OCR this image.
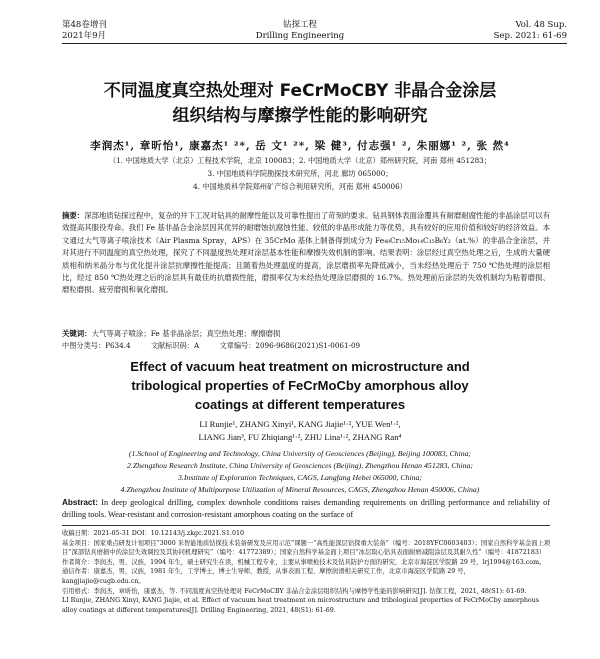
第48卷增刊
2021年9月
钻探工程
Drilling Engineering
Vol. 48 Sup.
Sep. 2021: 61-69
不同温度真空热处理对 FeCrMoCBY 非晶合金涂层
组织结构与摩擦学性能的影响研究
李润杰¹, 章昕怡¹, 康嘉杰¹ ²*, 岳 文¹ ²*, 梁 健³, 付志强¹ ², 朱丽娜¹ ², 张 然⁴
（1. 中国地质大学（北京）工程技术学院，北京 100083；2. 中国地质大学（北京）郑州研究院，河南 郑州 451283；
3. 中国地质科学院勘探技术研究所，河北 廊坊 065000；
4. 中国地质科学院郑州矿产综合利用研究所，河南 郑州 450006）
摘要：深部地质钻探过程中，复杂的井下工况对钻具的耐摩性能以及可靠性提出了苛刻的要求。钻具钢体表面涂覆具有耐磨耐腐性能的非晶涂层可以有效提高其服役寿命。我们 Fe 基非晶合金涂层因其优异的耐磨蚀抗腐蚀性能、较低的非晶形成能力等优势，具有较好的应用价值和较好的经济效益。本文通过大气等离子喷涂技术（Air Plasma Spray，APS）在 35CrMo 基体上制备得到成分为 Fe₄₈Cr₁₅Mo₁₄C₁₅B₆Y₂（at.%）的非晶合金涂层，并对其进行不同温度的真空热处理，探究了不同温度热处理对涂层基本性能和摩擦失效机制的影响。结果表明：涂层经过真空热处理之后，生成的大量硬质相和纳米晶分布与优化提升涂层抗摩擦性能提高；且随着热处理温度的提高，涂层磨损率先降低减小，当未经热处理后于 750 ℃热处理的涂层相比，经过 850 ℃热处理之后的涂层具有最佳的抗磨损性能，磨损率仅为未经热处理涂层磨损的 16.7%。热处理前后涂层的失效机制均为粘着磨损、磨粒磨损、疲劳磨损和氧化磨损。
关键词：大气等离子喷涂；Fe 基非晶涂层；真空热处理；摩擦磨损
中图分类号：P634.4	文献标识码：A	文章编号：2096-9686(2021)S1-0061-09
Effect of vacuum heat treatment on microstructure and
tribological properties of FeCrMoCby amorphous alloy
coatings at different temperatures
LI Runjie¹, ZHANG Xinyi¹, KANG Jiajie¹·², YUE Wen¹·²,
LIANG Jian³, FU Zhiqiang¹·², ZHU Lina¹·², ZHANG Ran⁴
(1.School of Engineering and Technology, China University of Geosciences (Beijing), Beijing 100083, China;
2.Zhengzhou Research Institute, China University of Geosciences (Beijing), Zhengzhou Henan 451283, China;
3.Institute of Exploration Techniques, CAGS, Langfang Hebei 065000, China;
4.Zhengzhou Institute of Multipurpose Utilization of Mineral Resources, CAGS, Zhengzhou Henan 450006, China)
Abstract: In deep geological drilling, complex downhole conditions raises demanding requirements on drilling performance and reliability of drilling tools. Wear-resistant and corrosion-resistant amorphous coating on the surface of

收稿日期：2021-05-31 DOI：10.12143/j.zkgc.2021.S1.010

基金项目：国家重点研发计划项目“3000 米智能地质钻探技术装备研发及应用示范”课题一“高性能深层钻探重大装备”（编号：2018YFC0603403）；国家自然科学基金面上项目“深部钻具磨损中的涂层失效调控及其协同机理研究”（编号：41772389）；国家自然科学基金面上项目“冰层取心钻具表面耐磨减阻涂层及其耐久性”（编号：41872183）

作者简介：李润杰，男，汉族，1994 年生，硕士研究生在读，机械工程专业，主要从事喷枪技术及钻具防护方面的研究，北京市海淀区学院路 29 号，lrj1994@163.com。

通信作者：康嘉杰，男，汉族，1981 年生，工学博士，博士生导师，教授，从事表面工程、摩擦润滑相关研究工作，北京市海淀区学院路 29 号，kangjiajie@cugb.edu.cn。

引用格式：李润杰，章昕怡，康嘉杰，等. 不同温度真空热处理对 FeCrMoCBY 非晶合金涂层组织结构与摩擦学性能的影响研究[J]. 钻探工程，2021, 48(S1): 61-69.

LI Runjie, ZHANG Xinyi, KANG Jiajie, et al. Effect of vacuum heat treatment on microstructure and tribological properties of FeCrMoCby amorphous alloy coatings at different temperatures[J]. Drilling Engineering, 2021, 48(S1): 61-69.
